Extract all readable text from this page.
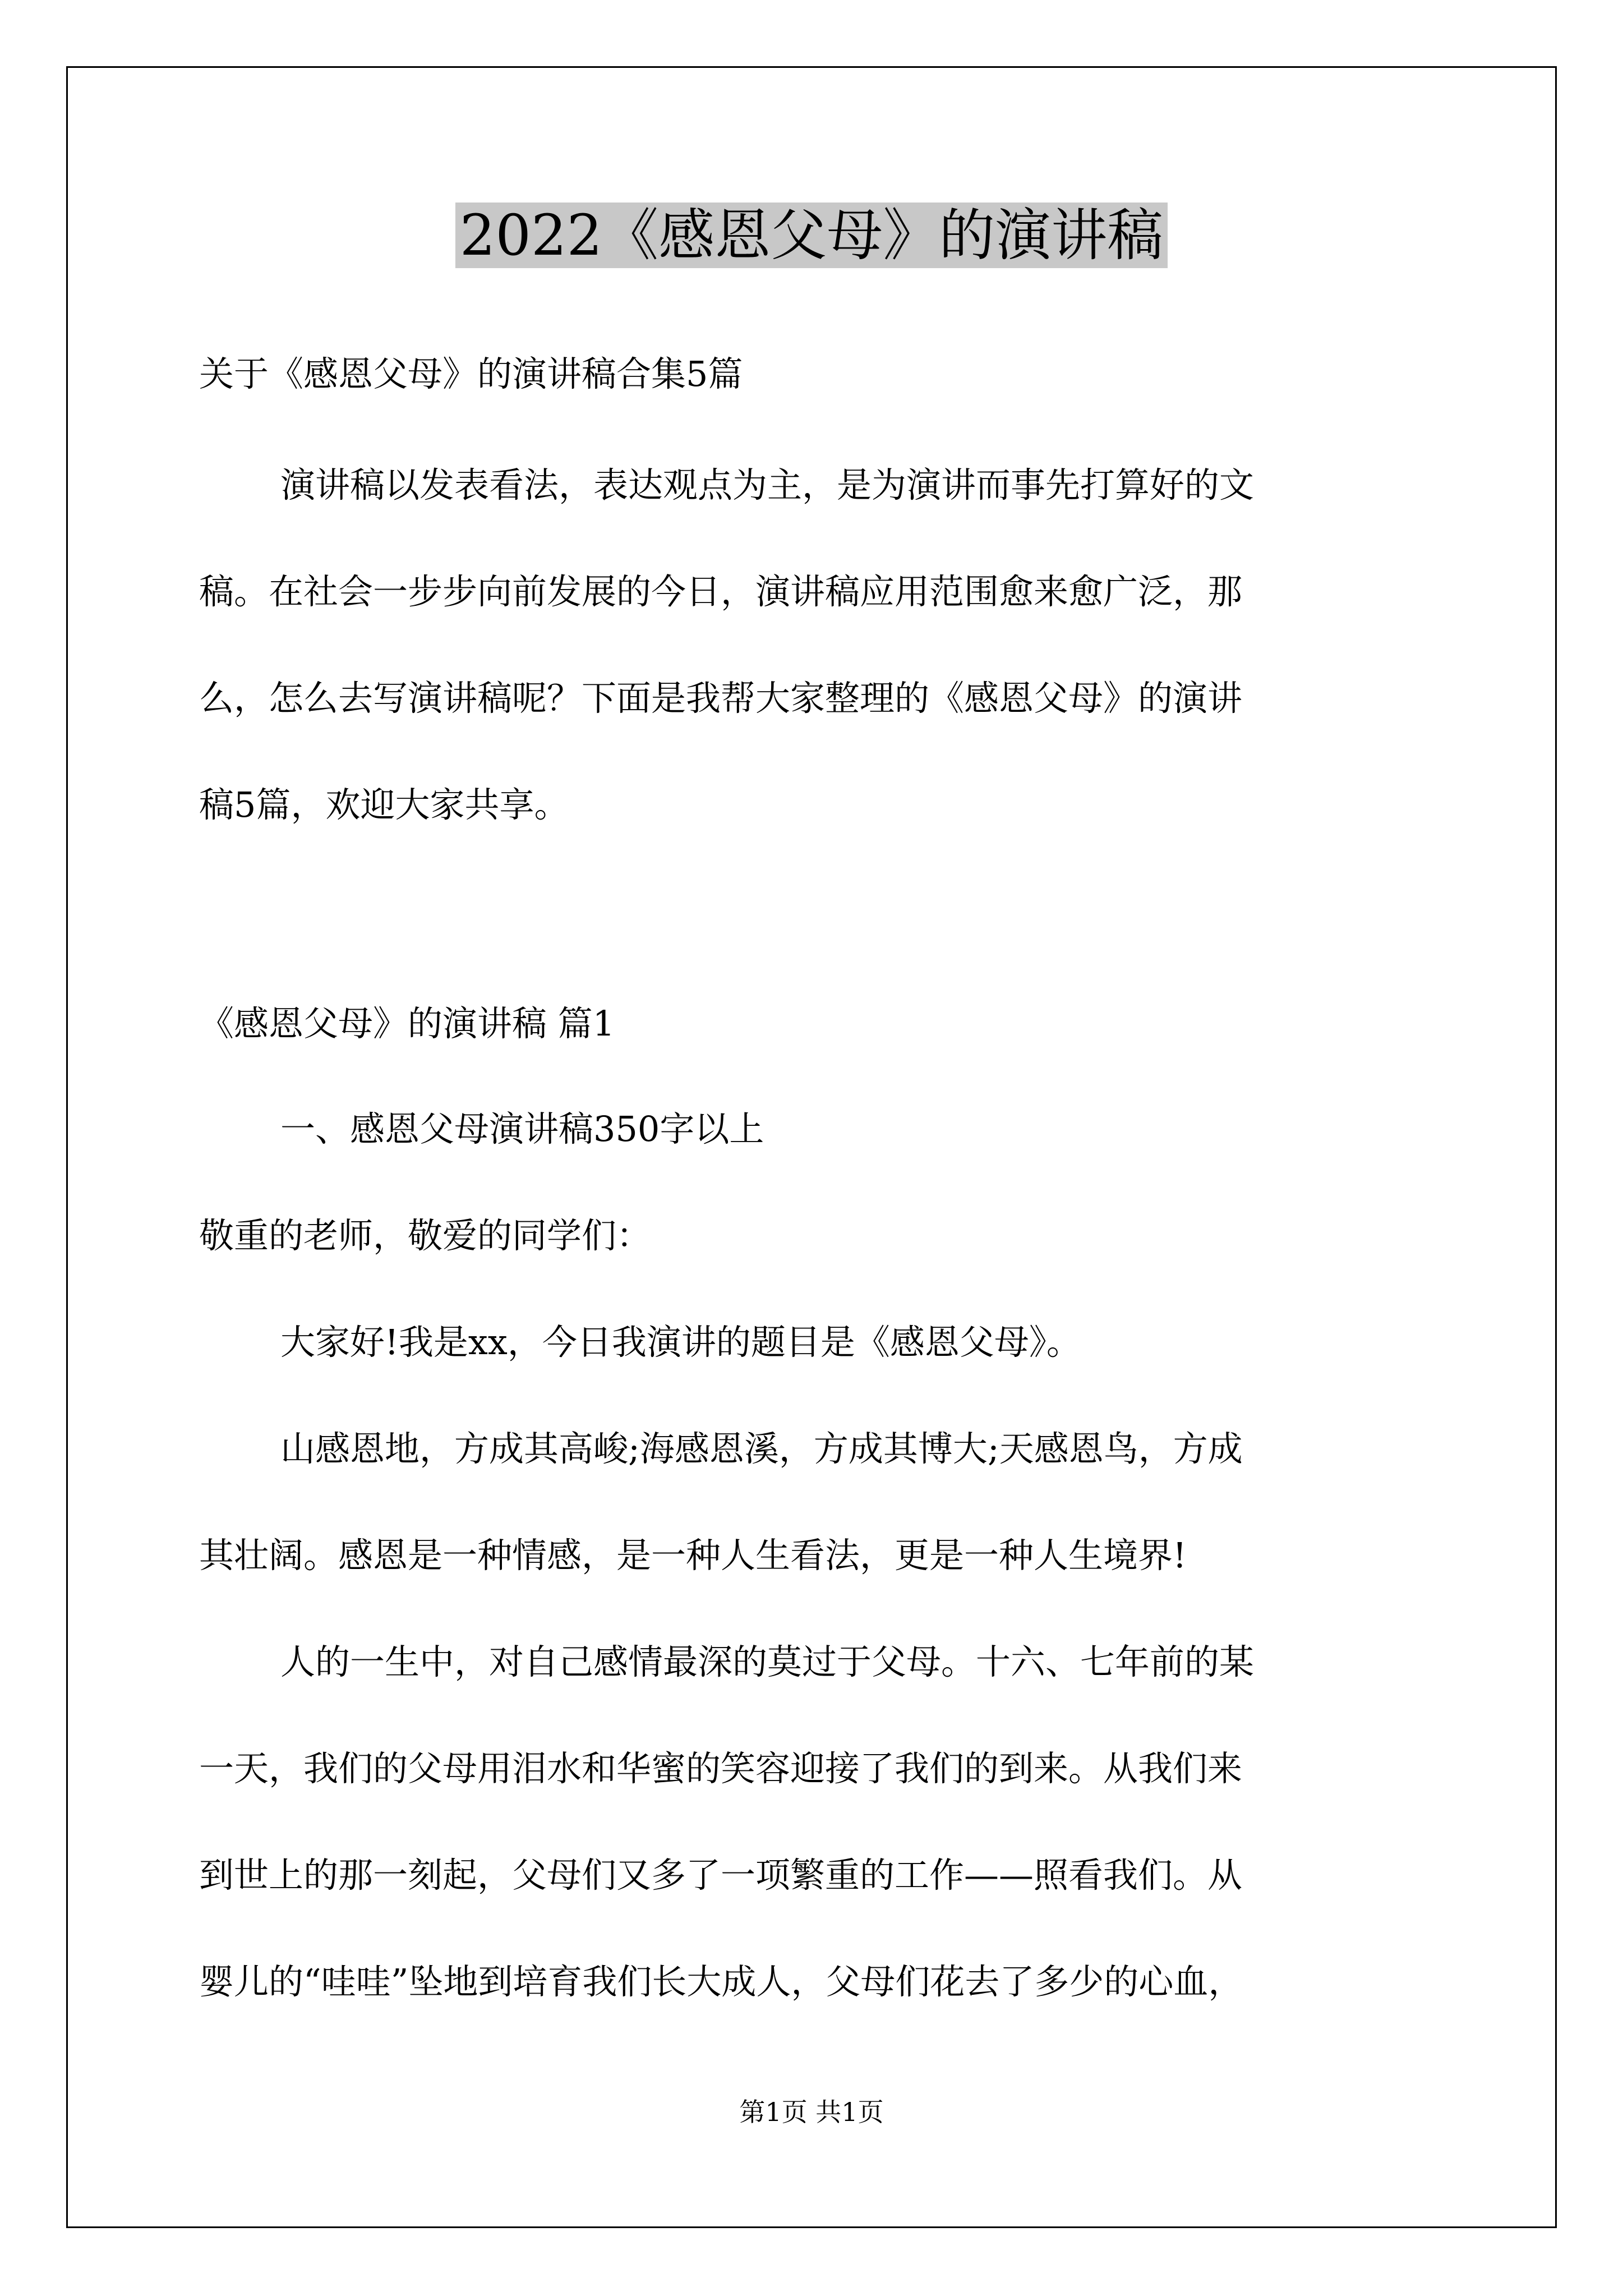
2022《感恩父母》的演讲稿

关于《感恩父母》的演讲稿合集5篇

演讲稿以发表看法，表达观点为主，是为演讲而事先打算好的文

稿。在社会一步步向前发展的今日，演讲稿应用范围愈来愈广泛，那

么，怎么去写演讲稿呢？下面是我帮大家整理的《感恩父母》的演讲

稿5篇，欢迎大家共享。

《感恩父母》的演讲稿 篇1

一、感恩父母演讲稿350字以上

敬重的老师，敬爱的同学们：

大家好!我是xx，今日我演讲的题目是《感恩父母》。

山感恩地，方成其高峻;海感恩溪，方成其博大;天感恩鸟，方成

其壮阔。感恩是一种情感，是一种人生看法，更是一种人生境界!

人的一生中，对自己感情最深的莫过于父母。十六、七年前的某

一天，我们的父母用泪水和华蜜的笑容迎接了我们的到来。从我们来

到世上的那一刻起，父母们又多了一项繁重的工作——照看我们。从

婴儿的“哇哇”坠地到培育我们长大成人，父母们花去了多少的心血，

第1页 共1页
